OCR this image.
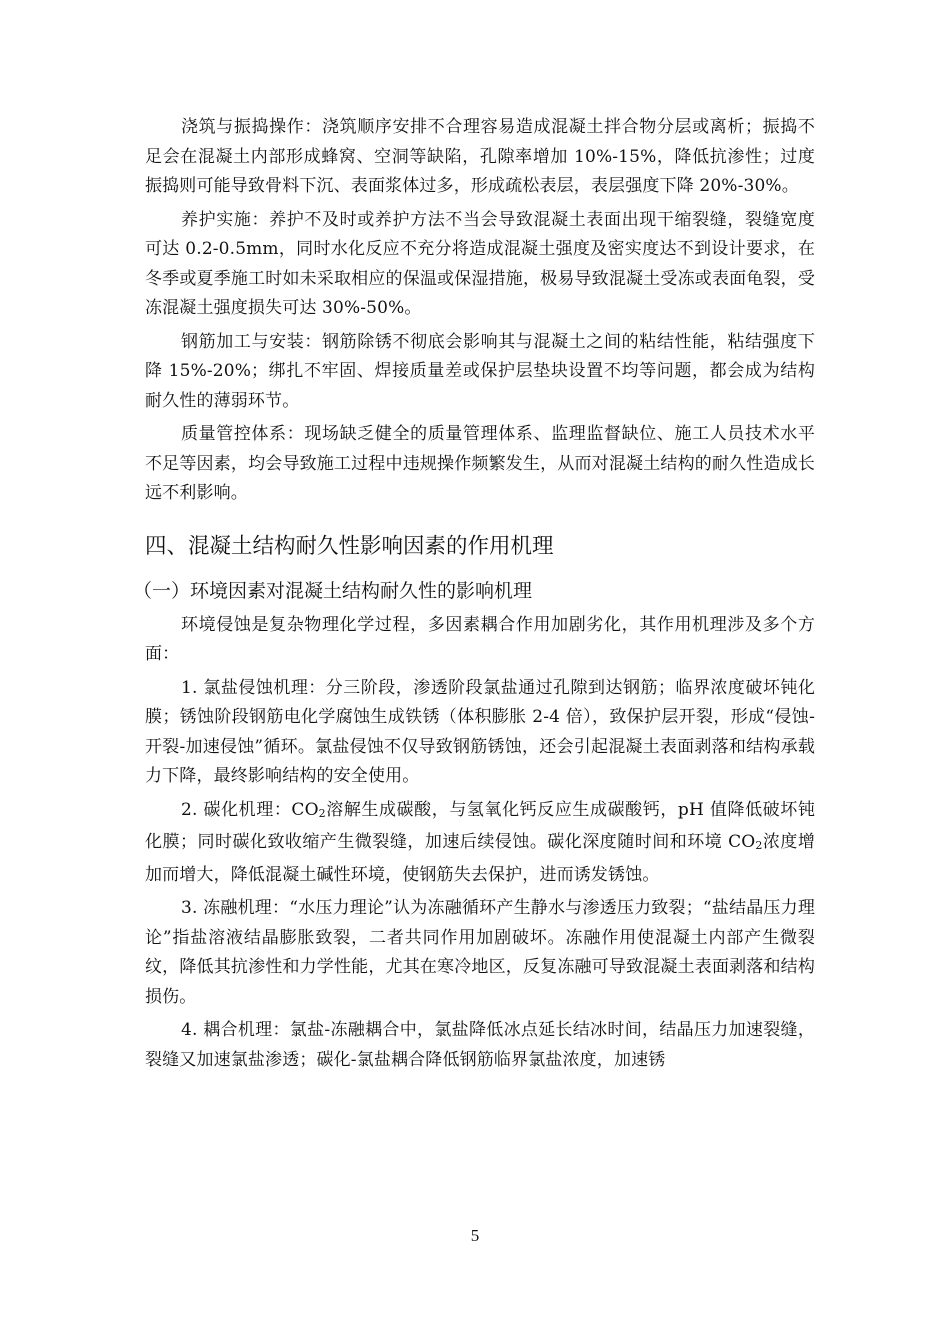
浇筑与振捣操作：浇筑顺序安排不合理容易造成混凝土拌合物分层或离析；振捣不足会在混凝土内部形成蜂窝、空洞等缺陷，孔隙率增加 10%-15%，降低抗渗性；过度振捣则可能导致骨料下沉、表面浆体过多，形成疏松表层，表层强度下降 20%-30%。

养护实施：养护不及时或养护方法不当会导致混凝土表面出现干缩裂缝，裂缝宽度可达 0.2-0.5mm，同时水化反应不充分将造成混凝土强度及密实度达不到设计要求，在冬季或夏季施工时如未采取相应的保温或保湿措施，极易导致混凝土受冻或表面龟裂，受冻混凝土强度损失可达 30%-50%。

钢筋加工与安装：钢筋除锈不彻底会影响其与混凝土之间的粘结性能，粘结强度下降 15%-20%；绑扎不牢固、焊接质量差或保护层垫块设置不均等问题，都会成为结构耐久性的薄弱环节。

质量管控体系：现场缺乏健全的质量管理体系、监理监督缺位、施工人员技术水平不足等因素，均会导致施工过程中违规操作频繁发生，从而对混凝土结构的耐久性造成长远不利影响。

四、混凝土结构耐久性影响因素的作用机理
（一）环境因素对混凝土结构耐久性的影响机理

环境侵蚀是复杂物理化学过程，多因素耦合作用加剧劣化，其作用机理涉及多个方面：

1. 氯盐侵蚀机理：分三阶段，渗透阶段氯盐通过孔隙到达钢筋；临界浓度破坏钝化膜；锈蚀阶段钢筋电化学腐蚀生成铁锈（体积膨胀 2-4 倍），致保护层开裂，形成“侵蚀-开裂-加速侵蚀”循环。氯盐侵蚀不仅导致钢筋锈蚀，还会引起混凝土表面剥落和结构承载力下降，最终影响结构的安全使用。

2. 碳化机理：$CO_2$溶解生成碳酸，与氢氧化钙反应生成碳酸钙，pH 值降低破坏钝化膜；同时碳化致收缩产生微裂缝，加速后续侵蚀。碳化深度随时间和环境 $CO_2$浓度增加而增大，降低混凝土碱性环境，使钢筋失去保护，进而诱发锈蚀。

3. 冻融机理：“水压力理论”认为冻融循环产生静水与渗透压力致裂；“盐结晶压力理论”指盐溶液结晶膨胀致裂，二者共同作用加剧破坏。冻融作用使混凝土内部产生微裂纹，降低其抗渗性和力学性能，尤其在寒冷地区，反复冻融可导致混凝土表面剥落和结构损伤。

4. 耦合机理：氯盐-冻融耦合中，氯盐降低冰点延长结冰时间，结晶压力加速裂缝，裂缝又加速氯盐渗透；碳化-氯盐耦合降低钢筋临界氯盐浓度，加速锈

5
